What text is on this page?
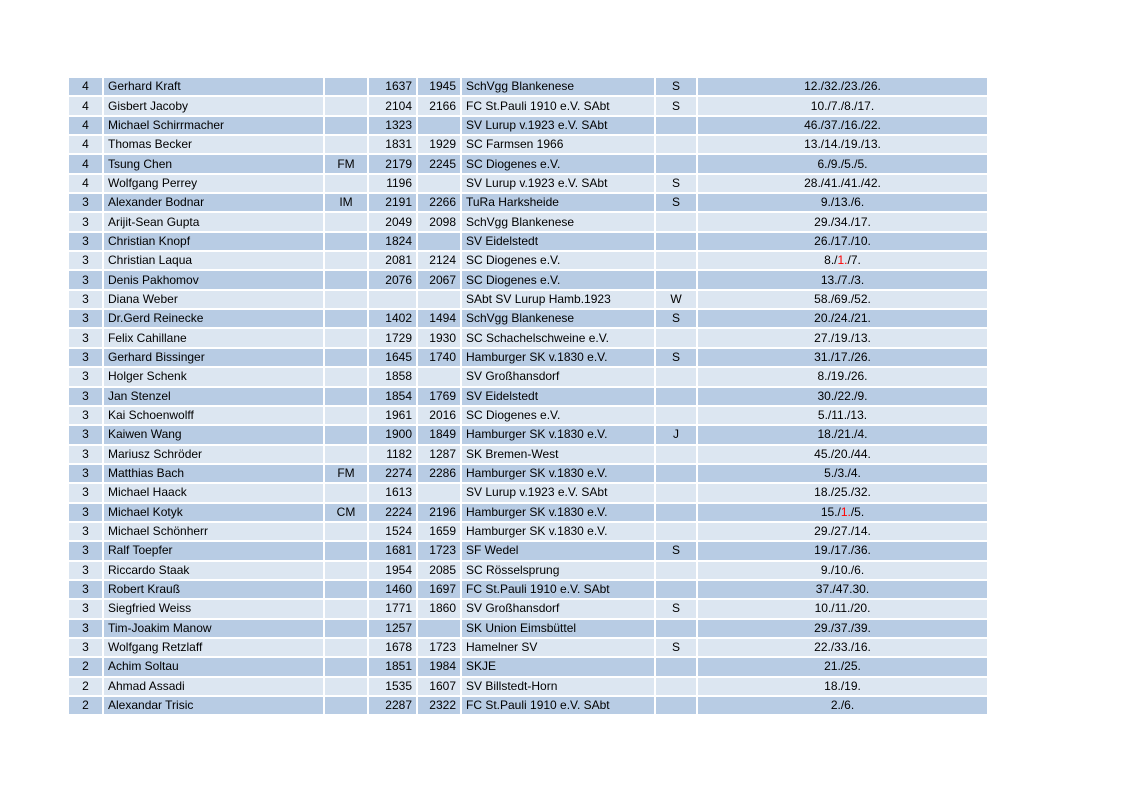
4	Gerhard Kraft		1637	1945	SchVgg Blankenese	S	12./32./23./26.
4	Gisbert Jacoby		2104	2166	FC St.Pauli 1910 e.V. SAbt	S	10./7./8./17.
4	Michael Schirrmacher		1323		SV Lurup v.1923 e.V. SAbt		46./37./16./22.
4	Thomas Becker		1831	1929	SC Farmsen 1966		13./14./19./13.
4	Tsung Chen	FM	2179	2245	SC Diogenes e.V.		6./9./5./5.
4	Wolfgang Perrey		1196		SV Lurup v.1923 e.V. SAbt	S	28./41./41./42.
3	Alexander Bodnar	IM	2191	2266	TuRa Harksheide	S	9./13./6.
3	Arijit-Sean Gupta		2049	2098	SchVgg Blankenese		29./34./17.
3	Christian Knopf		1824		SV Eidelstedt		26./17./10.
3	Christian Laqua		2081	2124	SC Diogenes e.V.		8./1./7.
3	Denis Pakhomov		2076	2067	SC Diogenes e.V.		13./7./3.
3	Diana Weber				SAbt SV Lurup Hamb.1923	W	58./69./52.
3	Dr.Gerd Reinecke		1402	1494	SchVgg Blankenese	S	20./24./21.
3	Felix Cahillane		1729	1930	SC Schachelschweine e.V.		27./19./13.
3	Gerhard Bissinger		1645	1740	Hamburger SK v.1830 e.V.	S	31./17./26.
3	Holger Schenk		1858		SV Großhansdorf		8./19./26.
3	Jan Stenzel		1854	1769	SV Eidelstedt		30./22./9.
3	Kai Schoenwolff		1961	2016	SC Diogenes e.V.		5./11./13.
3	Kaiwen Wang		1900	1849	Hamburger SK v.1830 e.V.	J	18./21./4.
3	Mariusz Schröder		1182	1287	SK Bremen-West		45./20./44.
3	Matthias Bach	FM	2274	2286	Hamburger SK v.1830 e.V.		5./3./4.
3	Michael Haack		1613		SV Lurup v.1923 e.V. SAbt		18./25./32.
3	Michael Kotyk	CM	2224	2196	Hamburger SK v.1830 e.V.		15./1./5.
3	Michael Schönherr		1524	1659	Hamburger SK v.1830 e.V.		29./27./14.
3	Ralf Toepfer		1681	1723	SF Wedel	S	19./17./36.
3	Riccardo Staak		1954	2085	SC Rösselsprung		9./10./6.
3	Robert Krauß		1460	1697	FC St.Pauli 1910 e.V. SAbt		37./47.30.
3	Siegfried Weiss		1771	1860	SV Großhansdorf	S	10./11./20.
3	Tim-Joakim Manow		1257		SK Union Eimsbüttel		29./37./39.
3	Wolfgang Retzlaff		1678	1723	Hamelner SV	S	22./33./16.
2	Achim Soltau		1851	1984	SKJE		21./25.
2	Ahmad Assadi		1535	1607	SV Billstedt-Horn		18./19.
2	Alexandar Trisic		2287	2322	FC St.Pauli 1910 e.V. SAbt		2./6.
